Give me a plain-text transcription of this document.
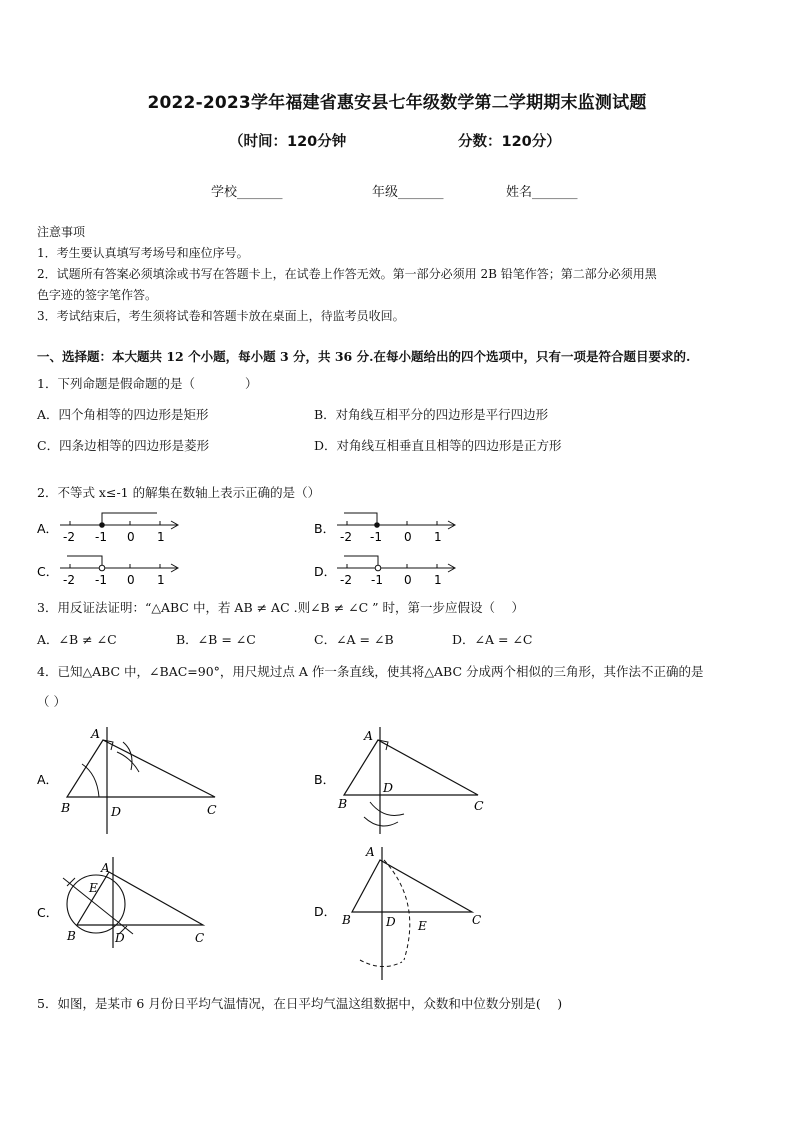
2022-2023学年福建省惠安县七年级数学第二学期期末监测试题
（时间：120分钟	分数：120分）
学校_______	年级_______	姓名_______
注意事项
1．考生要认真填写考场号和座位序号。
2．试题所有答案必须填涂或书写在答题卡上，在试卷上作答无效。第一部分必须用 2B 铅笔作答；第二部分必须用黑
色字迹的签字笔作答。
3．考试结束后，考生须将试卷和答题卡放在桌面上，待监考员收回。
一、选择题：本大题共 12 个小题，每小题 3 分，共 36 分.在每小题给出的四个选项中，只有一项是符合题目要求的.
1．下列命题是假命题的是（　　　　）
A．四个角相等的四边形是矩形	B．对角线互相平分的四边形是平行四边形
C．四条边相等的四边形是菱形	D．对角线互相垂直且相等的四边形是正方形
2．不等式 x≤-1 的解集在数轴上表示正确的是（）
A．
-2 -1 0 1
B．
-2 -1 0 1
C．
-2 -1 0 1
D．
-2 -1 0 1
3．用反证法证明：“△ABC 中，若 AB ≠ AC .则∠B ≠ ∠C ” 时，第一步应假设（　 ）
A．∠B ≠ ∠C	B．∠B = ∠C	C．∠A = ∠B	D．∠A = ∠C
4．已知△ABC 中，∠BAC=90°，用尺规过点 A 作一条直线，使其将△ABC 分成两个相似的三角形，其作法不正确的是
（ ）
A．
A
B	D	C
B．
A
B
D
C
C．
A
E
B	D	C
D．
A
B	D E	C
5．如图，是某市 6 月份日平均气温情况，在日平均气温这组数据中，众数和中位数分别是(　 )
